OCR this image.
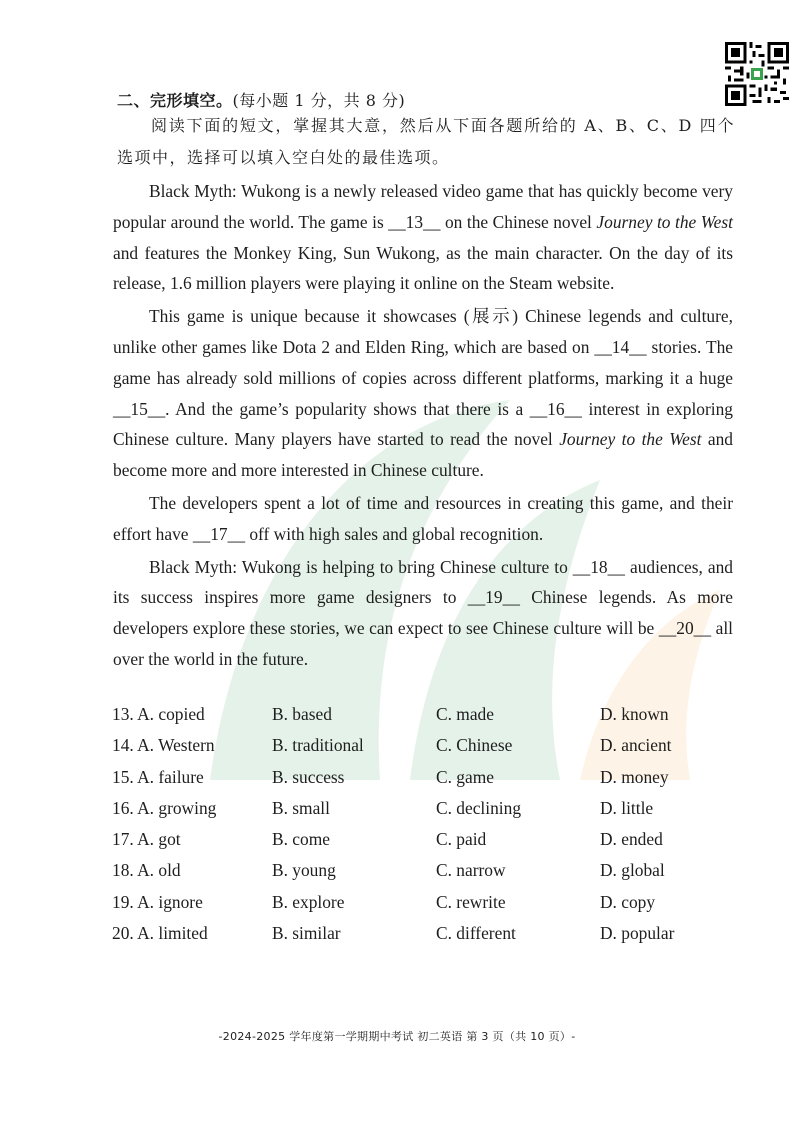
二、完形填空。(每小题 1 分，共 8 分)
阅读下面的短文，掌握其大意，然后从下面各题所给的 A、B、C、D 四个选项中，选择可以填入空白处的最佳选项。

Black Myth: Wukong is a newly released video game that has quickly become very popular around the world. The game is __13__ on the Chinese novel Journey to the West and features the Monkey King, Sun Wukong, as the main character. On the day of its release, 1.6 million players were playing it online on the Steam website.

This game is unique because it showcases (展示) Chinese legends and culture, unlike other games like Dota 2 and Elden Ring, which are based on __14__ stories. The game has already sold millions of copies across different platforms, marking it a huge __15__. And the game’s popularity shows that there is a __16__ interest in exploring Chinese culture. Many players have started to read the novel Journey to the West and become more and more interested in Chinese culture.

The developers spent a lot of time and resources in creating this game, and their effort have __17__ off with high sales and global recognition.

Black Myth: Wukong is helping to bring Chinese culture to __18__ audiences, and its success inspires more game designers to __19__ Chinese legends. As more developers explore these stories, we can expect to see Chinese culture will be __20__ all over the world in the future.

13. A. copied	B. based	C. made	D. known
14. A. Western	B. traditional	C. Chinese	D. ancient
15. A. failure	B. success	C. game	D. money
16. A. growing	B. small	C. declining	D. little
17. A. got	B. come	C. paid	D. ended
18. A. old	B. young	C. narrow	D. global
19. A. ignore	B. explore	C. rewrite	D. copy
20. A. limited	B. similar	C. different	D. popular
-2024-2025 学年度第一学期期中考试 初二英语 第 3 页（共 10 页）-
